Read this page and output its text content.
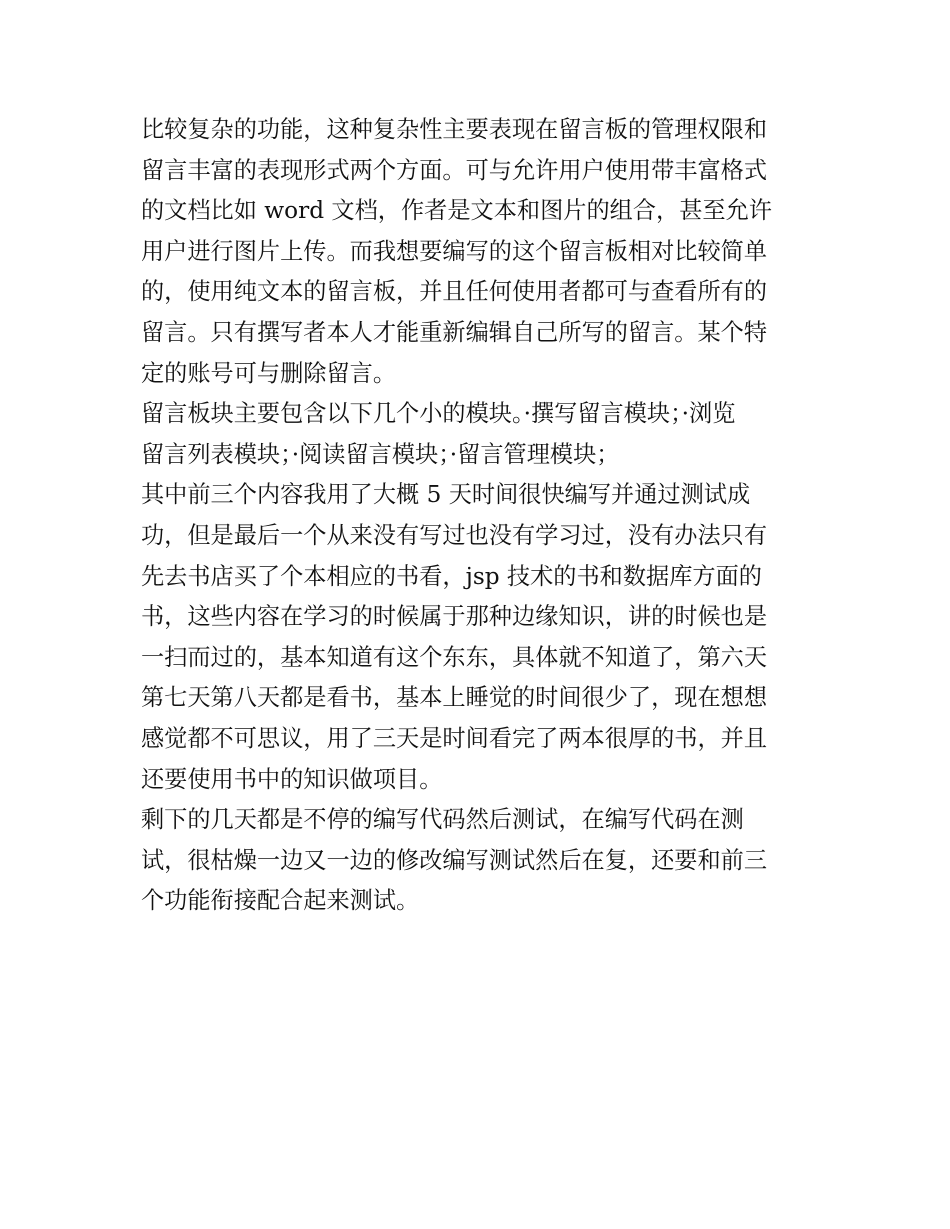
比较复杂的功能，这种复杂性主要表现在留言板的管理权限和
留言丰富的表现形式两个方面。可与允许用户使用带丰富格式
的文档比如 word 文档，作者是文本和图片的组合，甚至允许
用户进行图片上传。而我想要编写的这个留言板相对比较简单
的，使用纯文本的留言板，并且任何使用者都可与查看所有的
留言。只有撰写者本人才能重新编辑自己所写的留言。某个特
定的账号可与删除留言。
留言板块主要包含以下几个小的模块。·撰写留言模块；·浏览
留言列表模块；·阅读留言模块；·留言管理模块；
其中前三个内容我用了大概 5 天时间很快编写并通过测试成
功，但是最后一个从来没有写过也没有学习过，没有办法只有
先去书店买了个本相应的书看，jsp 技术的书和数据库方面的
书，这些内容在学习的时候属于那种边缘知识，讲的时候也是
一扫而过的，基本知道有这个东东，具体就不知道了，第六天
第七天第八天都是看书，基本上睡觉的时间很少了，现在想想
感觉都不可思议，用了三天是时间看完了两本很厚的书，并且
还要使用书中的知识做项目。
剩下的几天都是不停的编写代码然后测试，在编写代码在测
试，很枯燥一边又一边的修改编写测试然后在复，还要和前三
个功能衔接配合起来测试。
